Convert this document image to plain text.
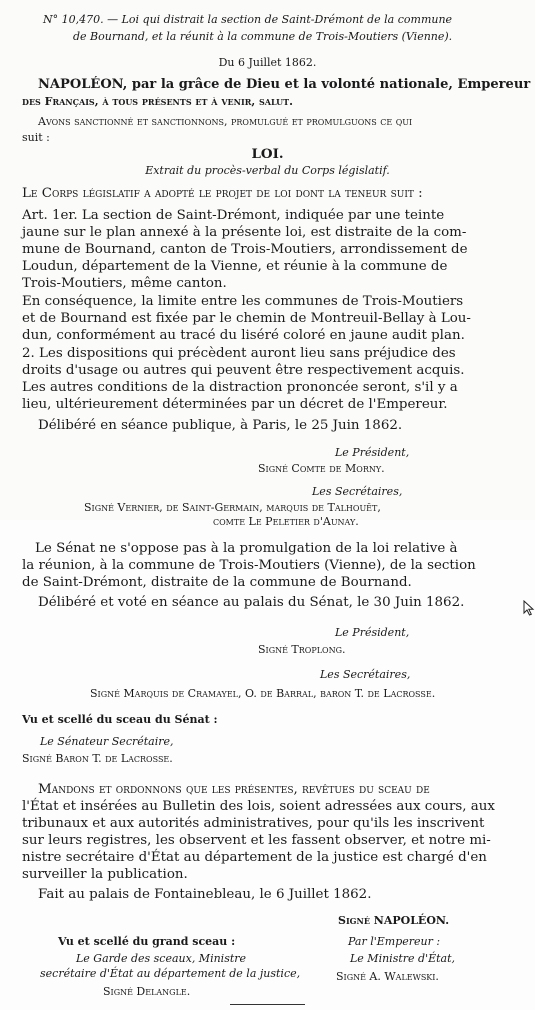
N° 10,470. — Loi qui distrait la section de Saint-Drémont de la commune
de Bournand, et la réunit à la commune de Trois-Moutiers (Vienne).
Du 6 Juillet 1862.
NAPOLÉON, par la grâce de Dieu et la volonté nationale, Empereur
des Français, à tous présents et à venir, salut.
Avons sanctionné et sanctionnons, promulgué et promulguons ce qui
suit :
LOI.
Extrait du procès-verbal du Corps législatif.
Le Corps législatif a adopté le projet de loi dont la teneur suit :
Art. 1er. La section de Saint-Drémont, indiquée par une teinte
jaune sur le plan annexé à la présente loi, est distraite de la com-
mune de Bournand, canton de Trois-Moutiers, arrondissement de
Loudun, département de la Vienne, et réunie à la commune de
Trois-Moutiers, même canton.
En conséquence, la limite entre les communes de Trois-Moutiers
et de Bournand est fixée par le chemin de Montreuil-Bellay à Lou-
dun, conformément au tracé du liséré coloré en jaune audit plan.
2. Les dispositions qui précèdent auront lieu sans préjudice des
droits d'usage ou autres qui peuvent être respectivement acquis.
Les autres conditions de la distraction prononcée seront, s'il y a
lieu, ultérieurement déterminées par un décret de l'Empereur.
Délibéré en séance publique, à Paris, le 25 Juin 1862.
Le Président,
Signé Comte de Morny.
Les Secrétaires,
Signé Vernier, de Saint-Germain, marquis de Talhouët,
comte Le Peletier d'Aunay.
Le Sénat ne s'oppose pas à la promulgation de la loi relative à
la réunion, à la commune de Trois-Moutiers (Vienne), de la section
de Saint-Drémont, distraite de la commune de Bournand.
Délibéré et voté en séance au palais du Sénat, le 30 Juin 1862.
Le Président,
Signé Troplong.
Les Secrétaires,
Signé Marquis de Cramayel, O. de Barral, baron T. de Lacrosse.
Vu et scellé du sceau du Sénat :
Le Sénateur Secrétaire,
Signé Baron T. de Lacrosse.
Mandons et ordonnons que les présentes, revêtues du sceau de
l'État et insérées au Bulletin des lois, soient adressées aux cours, aux
tribunaux et aux autorités administratives, pour qu'ils les inscrivent
sur leurs registres, les observent et les fassent observer, et notre mi-
nistre secrétaire d'État au département de la justice est chargé d'en
surveiller la publication.
Fait au palais de Fontainebleau, le 6 Juillet 1862.
Signé NAPOLÉON.
Vu et scellé du grand sceau :	Par l'Empereur :
Le Garde des sceaux, Ministre	Le Ministre d'État,
secrétaire d'État au département de la justice,	Signé A. Walewski.
Signé Delangle.
